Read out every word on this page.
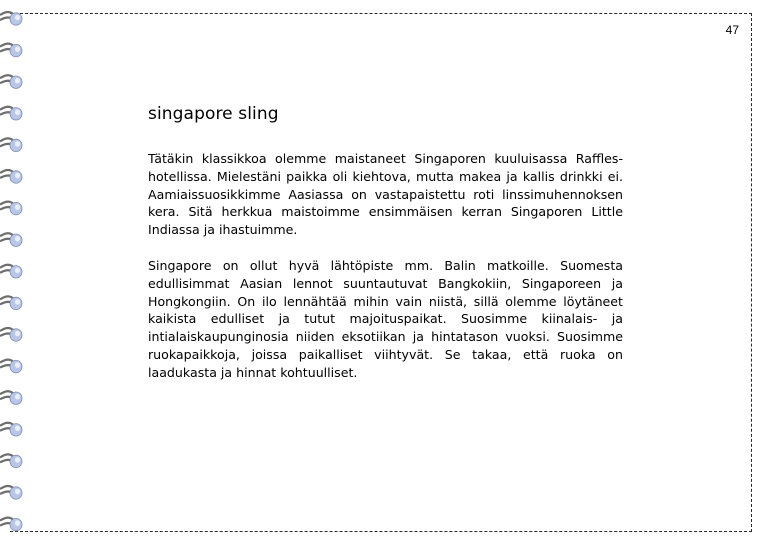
47
singapore sling

Tätäkin klassikkoa olemme maistaneet Singaporen kuuluisassa Raffles-hotellissa. Mielestäni paikka oli kiehtova, mutta makea ja kallis drinkki ei. Aamiaissuosikkimme Aasiassa on vastapaistettu roti linssimuhennoksen kera. Sitä herkkua maistoimme ensimmäisen kerran Singaporen Little Indiassa ja ihastuimme.

Singapore on ollut hyvä lähtöpiste mm. Balin matkoille. Suomesta edullisimmat Aasian lennot suuntautuvat Bangkokiin, Singaporeen ja Hongkongiin. On ilo lennähtää mihin vain niistä, sillä olemme löytäneet kaikista edulliset ja tutut majoituspaikat. Suosimme kiinalais- ja intialaiskaupunginosia niiden eksotiikan ja hintatason vuoksi. Suosimme ruokapaikkoja, joissa paikalliset viihtyvät. Se takaa, että ruoka on laadukasta ja hinnat kohtuulliset.
